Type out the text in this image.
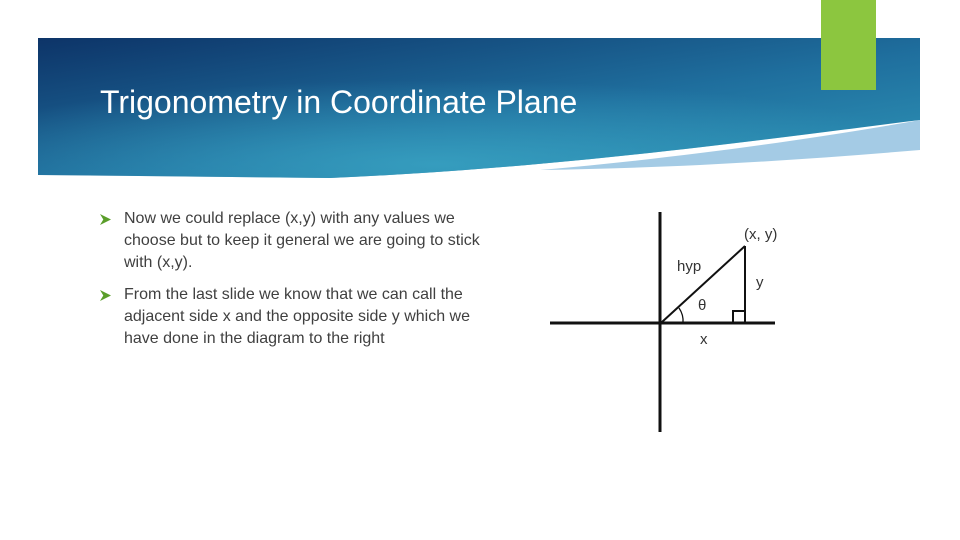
Trigonometry in Coordinate Plane
Now we could replace (x,y) with any values we choose but to keep it general we are going to stick with (x,y).
From the last slide we know that we can call the adjacent side x and the opposite side y which we have done in the diagram to the right
(x, y)
hyp
y
θ
x
